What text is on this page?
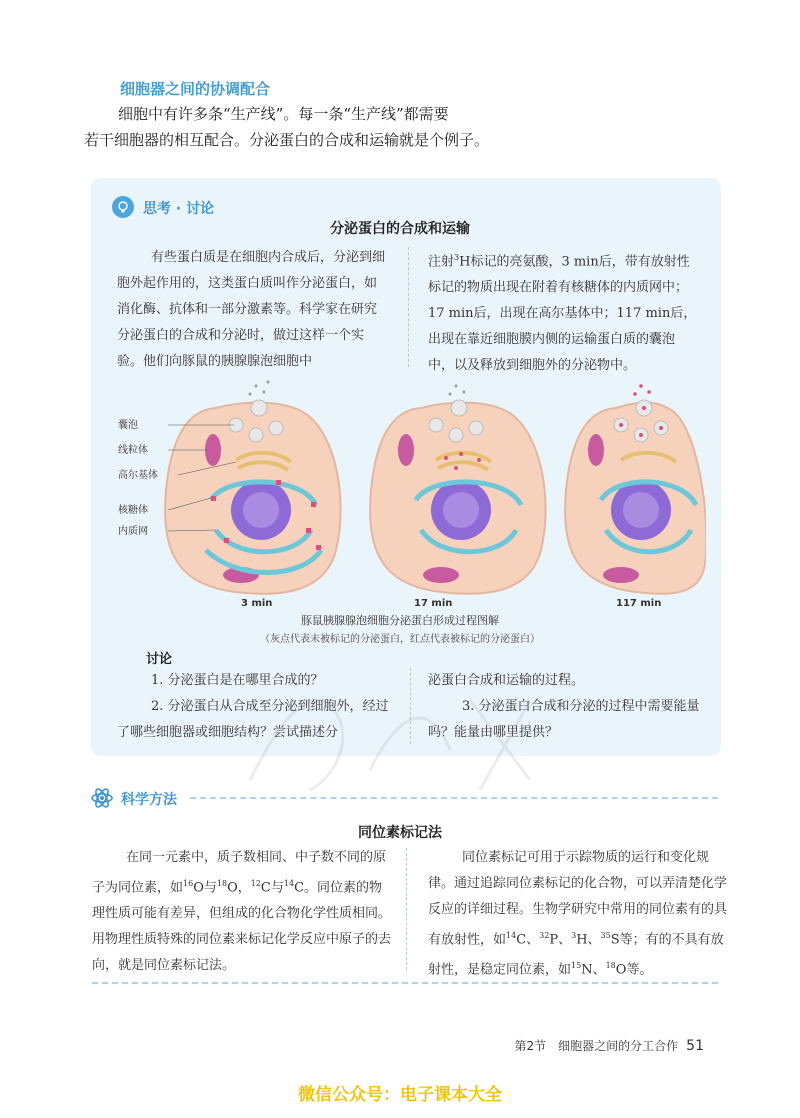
细胞器之间的协调配合

细胞中有许多条“生产线”。每一条“生产线”都需要

若干细胞器的相互配合。分泌蛋白的合成和运输就是个例子。

思考 · 讨论
分泌蛋白的合成和运输
有些蛋白质是在细胞内合成后，分泌到细胞外起作用的，这类蛋白质叫作分泌蛋白，如消化酶、抗体和一部分激素等。科学家在研究分泌蛋白的合成和分泌时，做过这样一个实验。他们向豚鼠的胰腺腺泡细胞中
注射$^3$H标记的亮氨酸，3 min后，带有放射性标记的物质出现在附着有核糖体的内质网中；17 min后，出现在高尔基体中；117 min后，出现在靠近细胞膜内侧的运输蛋白质的囊泡中，以及释放到细胞外的分泌物中。
囊泡
线粒体
高尔基体
核糖体
内质网
3 min	17 min	117 min
豚鼠胰腺腺泡细胞分泌蛋白形成过程图解
（灰点代表未被标记的分泌蛋白，红点代表被标记的分泌蛋白）
讨论

1. 分泌蛋白是在哪里合成的？

2. 分泌蛋白从合成至分泌到细胞外，经过了哪些细胞器或细胞结构？尝试描述分

泌蛋白合成和运输的过程。

3. 分泌蛋白合成和分泌的过程中需要能量吗？能量由哪里提供？

科学方法
同位素标记法
在同一元素中，质子数相同、中子数不同的原子为同位素，如$^{16}$O与$^{18}$O，$^{12}$C与$^{14}$C。同位素的物理性质可能有差异，但组成的化合物化学性质相同。用物理性质特殊的同位素来标记化学反应中原子的去向，就是同位素标记法。
同位素标记可用于示踪物质的运行和变化规律。通过追踪同位素标记的化合物，可以弄清楚化学反应的详细过程。生物学研究中常用的同位素有的具有放射性，如$^{14}$C、$^{32}$P、$^3$H、$^{35}$S等；有的不具有放射性，是稳定同位素，如$^{15}$N、$^{18}$O等。
第2节　细胞器之间的分工合作 51
微信公众号：电子课本大全
